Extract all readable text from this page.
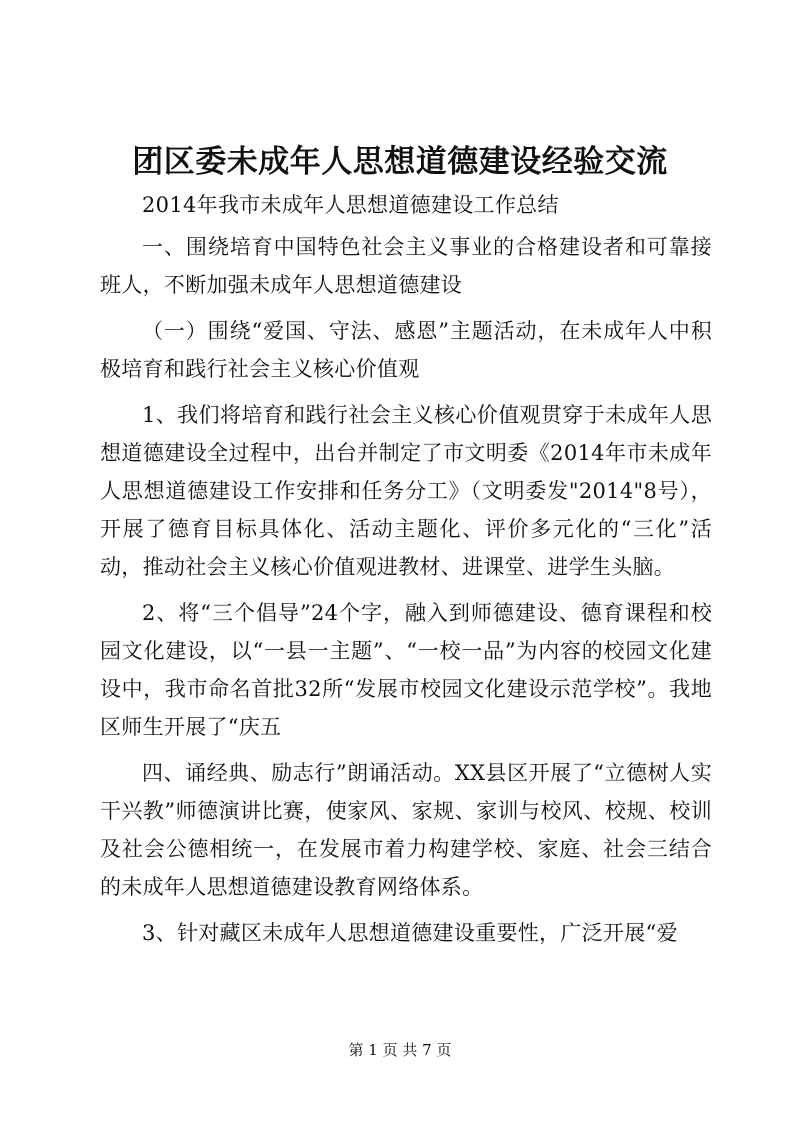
团区委未成年人思想道德建设经验交流

2014年我市未成年人思想道德建设工作总结

一、围绕培育中国特色社会主义事业的合格建设者和可靠接班人，不断加强未成年人思想道德建设

（一）围绕“爱国、守法、感恩”主题活动，在未成年人中积极培育和践行社会主义核心价值观

1、我们将培育和践行社会主义核心价值观贯穿于未成年人思想道德建设全过程中，出台并制定了市文明委《2014年市未成年人思想道德建设工作安排和任务分工》（文明委发"2014"8号），开展了德育目标具体化、活动主题化、评价多元化的“三化”活动，推动社会主义核心价值观进教材、进课堂、进学生头脑。

2、将“三个倡导”24个字，融入到师德建设、德育课程和校园文化建设，以“一县一主题”、“一校一品”为内容的校园文化建设中，我市命名首批32所“发展市校园文化建设示范学校”。我地区师生开展了“庆五

四、诵经典、励志行”朗诵活动。XX县区开展了“立德树人实干兴教”师德演讲比赛，使家风、家规、家训与校风、校规、校训及社会公德相统一，在发展市着力构建学校、家庭、社会三结合的未成年人思想道德建设教育网络体系。

3、针对藏区未成年人思想道德建设重要性，广泛开展“爱

第 1 页 共 7 页
